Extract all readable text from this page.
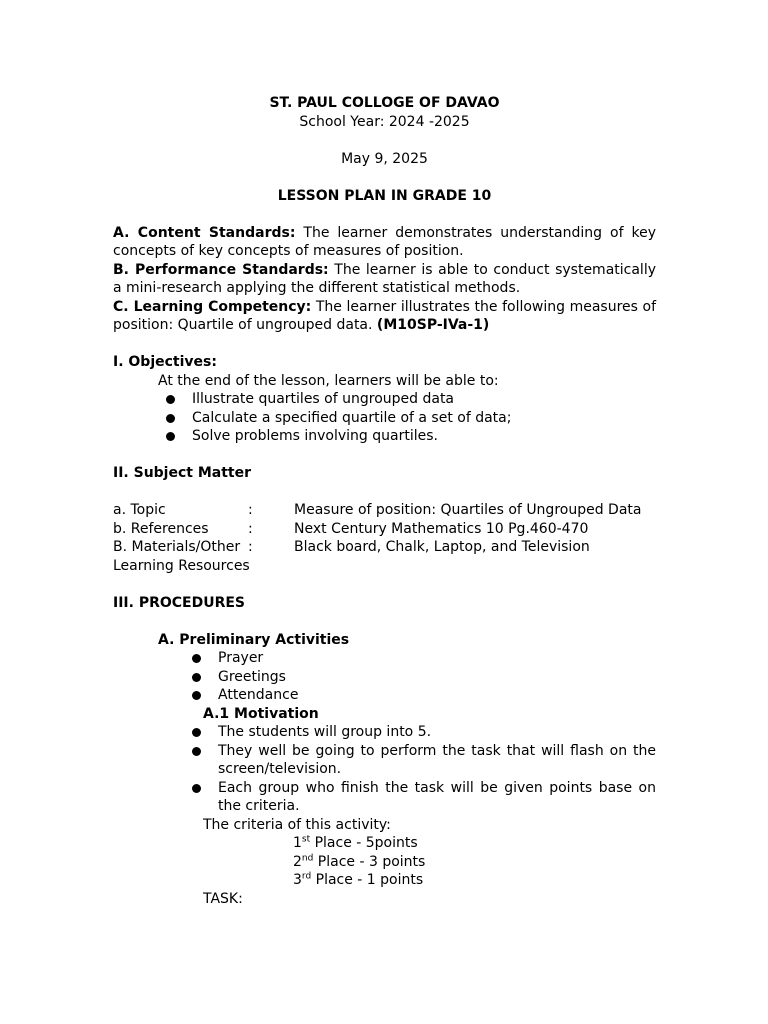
ST. PAUL COLLOGE OF DAVAO

School Year: 2024 -2025

May 9, 2025

LESSON PLAN IN GRADE 10

A. Content Standards: The learner demonstrates understanding of key concepts of key concepts of measures of position.

B. Performance Standards: The learner is able to conduct systematically a mini-research applying the different statistical methods.

C. Learning Competency: The learner illustrates the following measures of position: Quartile of ungrouped data. (M10SP-IVa-1)

I. Objectives:

At the end of the lesson, learners will be able to:

Illustrate quartiles of ungrouped data
Calculate a specified quartile of a set of data;
Solve problems involving quartiles.

II. Subject Matter

a. Topic	:	Measure of position: Quartiles of Ungrouped Data
b. References	:	Next Century Mathematics 10 Pg.460-470
B. Materials/Other :	Black board, Chalk, Laptop, and Television

Learning Resources

III. PROCEDURES

A. Preliminary Activities

Prayer
Greetings
Attendance

A.1 Motivation

The students will group into 5.
They well be going to perform the task that will flash on the screen/television.
Each group who finish the task will be given points base on the criteria.

The criteria of this activity:

1st Place - 5points

2nd Place - 3 points

3rd Place - 1 points

TASK:
